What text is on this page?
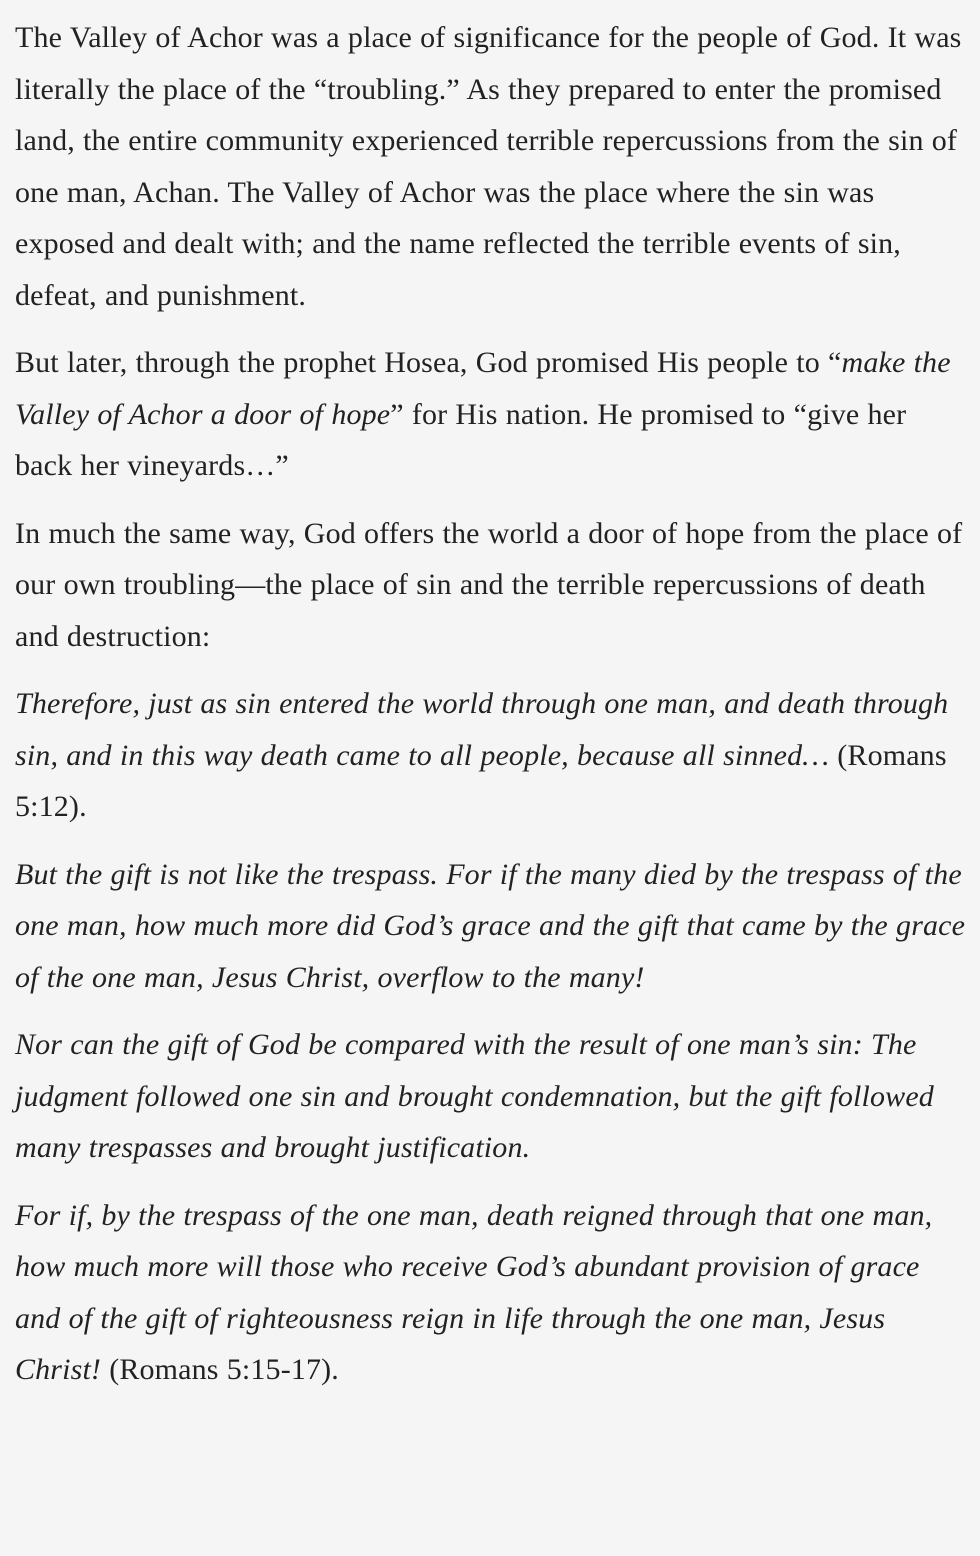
The Valley of Achor was a place of significance for the people of God. It was literally the place of the “troubling.” As they prepared to enter the promised land, the entire community experienced terrible repercussions from the sin of one man, Achan. The Valley of Achor was the place where the sin was exposed and dealt with; and the name reflected the terrible events of sin, defeat, and punishment.

But later, through the prophet Hosea, God promised His people to “make the Valley of Achor a door of hope” for His nation. He promised to “give her back her vineyards…”

In much the same way, God offers the world a door of hope from the place of our own troubling—the place of sin and the terrible repercussions of death and destruction:

Therefore, just as sin entered the world through one man, and death through sin, and in this way death came to all people, because all sinned… (Romans 5:12).

But the gift is not like the trespass. For if the many died by the trespass of the one man, how much more did God’s grace and the gift that came by the grace of the one man, Jesus Christ, overflow to the many!

Nor can the gift of God be compared with the result of one man’s sin: The judgment followed one sin and brought condemnation, but the gift followed many trespasses and brought justification.

For if, by the trespass of the one man, death reigned through that one man, how much more will those who receive God’s abundant provision of grace and of the gift of righteousness reign in life through the one man, Jesus Christ! (Romans 5:15-17).
